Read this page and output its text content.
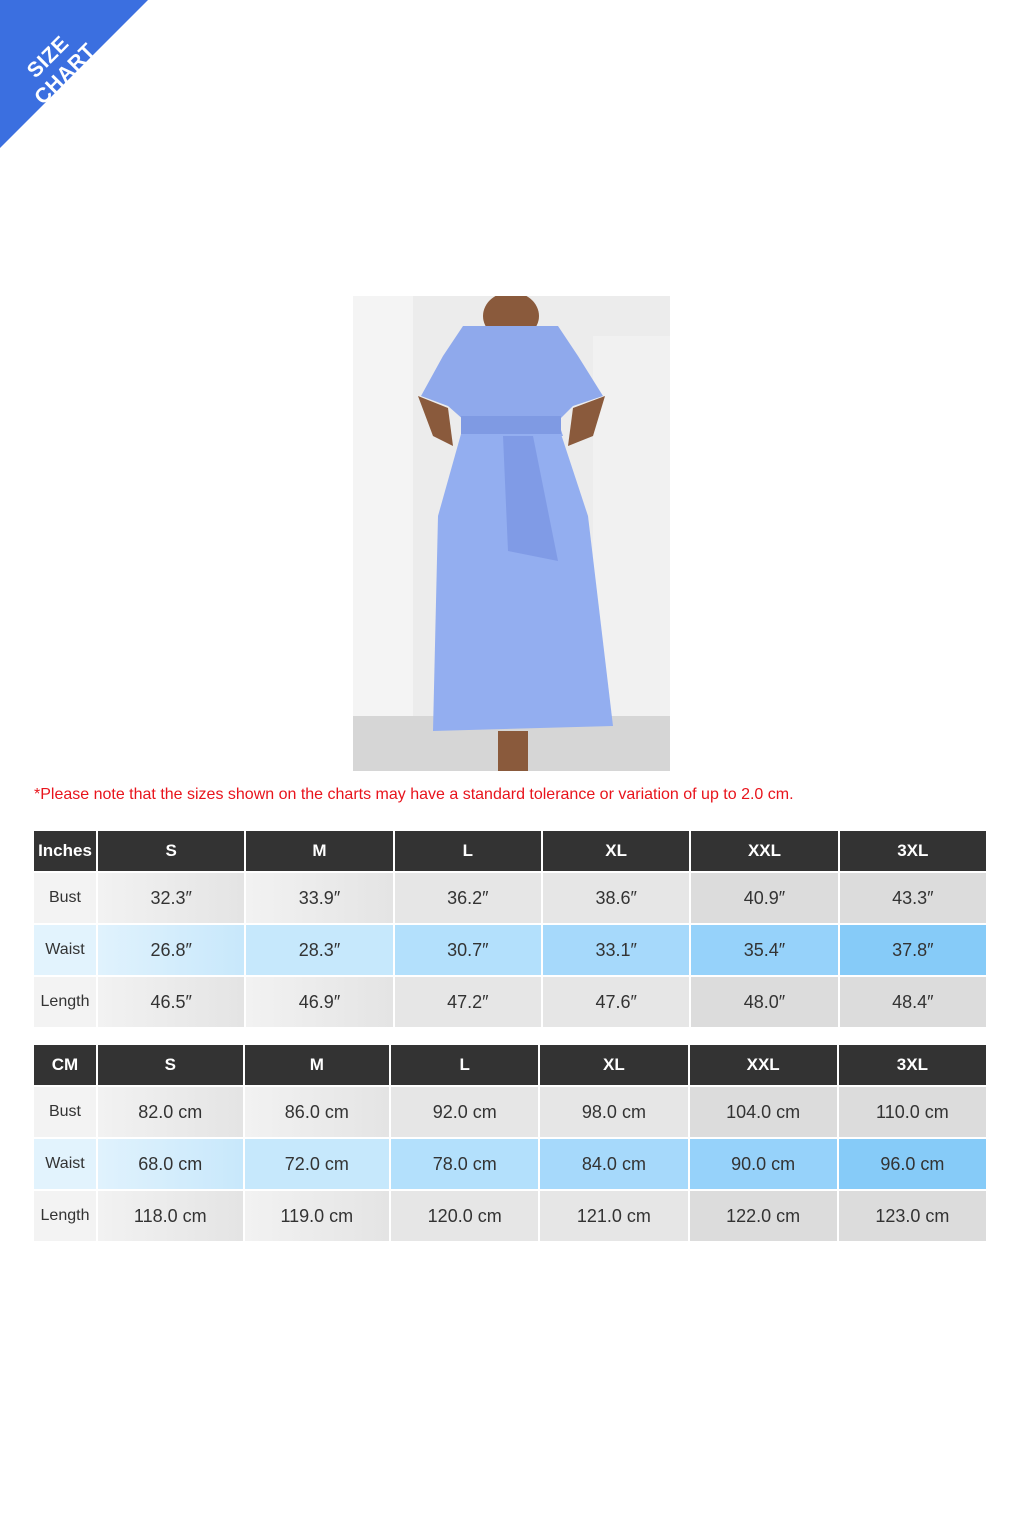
SIZE CHART
*Please note that the sizes shown on the charts may have a standard tolerance or variation of up to 2.0 cm.
Inches	S	M	L	XL	XXL	3XL
Bust	32.3″	33.9″	36.2″	38.6″	40.9″	43.3″
Waist	26.8″	28.3″	30.7″	33.1″	35.4″	37.8″
Length	46.5″	46.9″	47.2″	47.6″	48.0″	48.4″
CM	S	M	L	XL	XXL	3XL
Bust	82.0 cm	86.0 cm	92.0 cm	98.0 cm	104.0 cm	110.0 cm
Waist	68.0 cm	72.0 cm	78.0 cm	84.0 cm	90.0 cm	96.0 cm
Length	118.0 cm	119.0 cm	120.0 cm	121.0 cm	122.0 cm	123.0 cm
